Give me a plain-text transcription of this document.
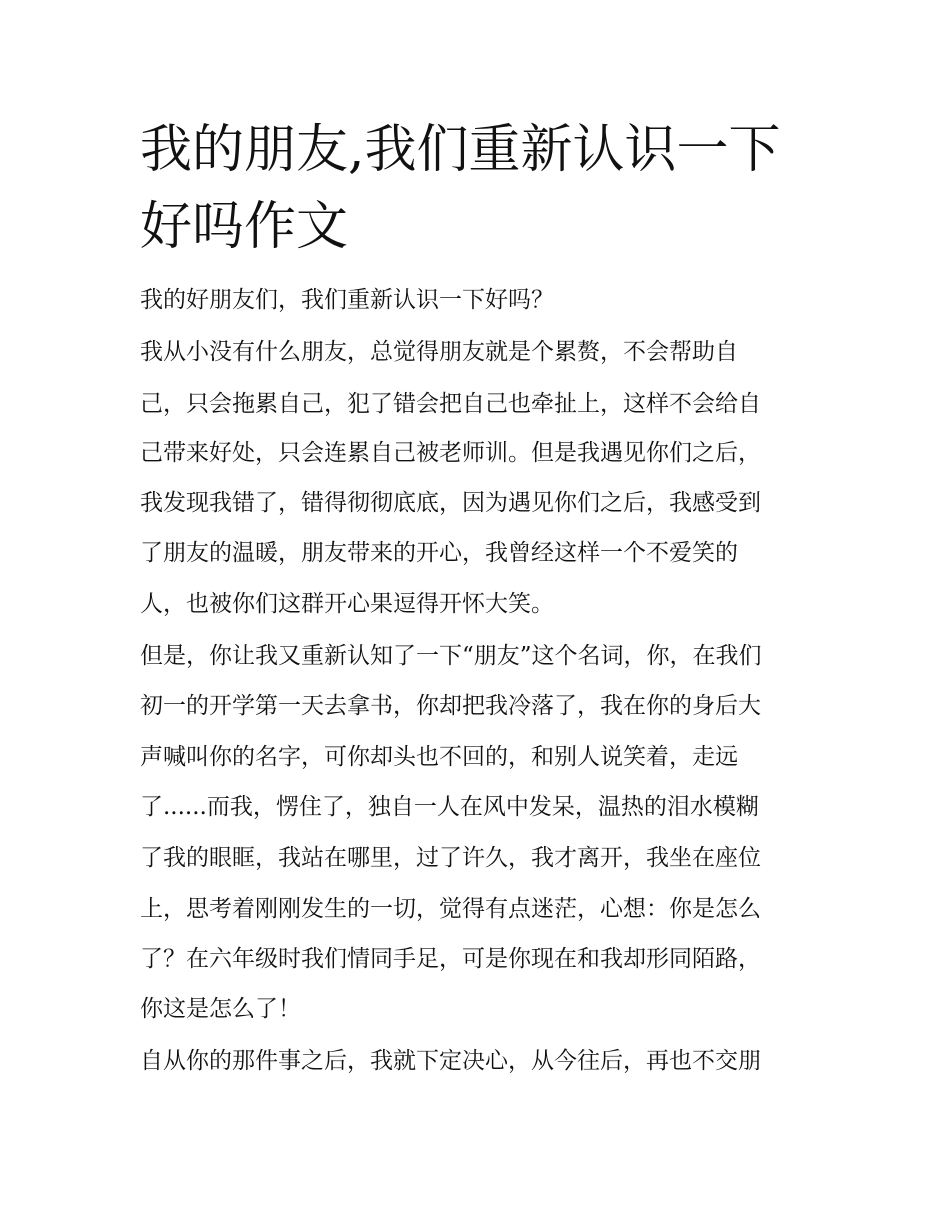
我的朋友,我们重新认识一下好吗作文

我的好朋友们，我们重新认识一下好吗？

我从小没有什么朋友，总觉得朋友就是个累赘，不会帮助自

己，只会拖累自己，犯了错会把自己也牵扯上，这样不会给自

己带来好处，只会连累自己被老师训。但是我遇见你们之后，

我发现我错了，错得彻彻底底，因为遇见你们之后，我感受到

了朋友的温暖，朋友带来的开心，我曾经这样一个不爱笑的

人，也被你们这群开心果逗得开怀大笑。

但是，你让我又重新认知了一下“朋友”这个名词，你，在我们

初一的开学第一天去拿书，你却把我冷落了，我在你的身后大

声喊叫你的名字，可你却头也不回的，和别人说笑着，走远

了......而我，愣住了，独自一人在风中发呆，温热的泪水模糊

了我的眼眶，我站在哪里，过了许久，我才离开，我坐在座位

上，思考着刚刚发生的一切，觉得有点迷茫，心想：你是怎么

了？在六年级时我们情同手足，可是你现在和我却形同陌路，

你这是怎么了！

自从你的那件事之后，我就下定决心，从今往后，再也不交朋
